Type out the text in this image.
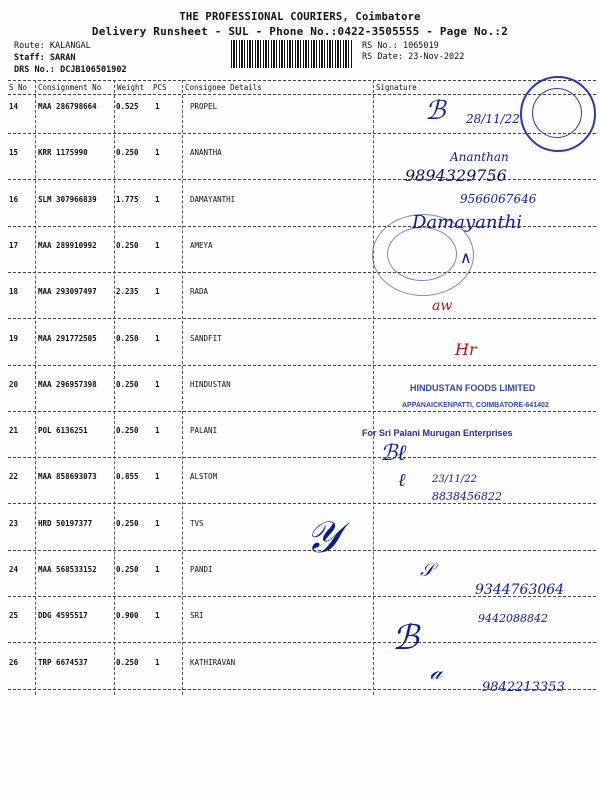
THE PROFESSIONAL COURIERS, Coimbatore
Delivery Runsheet - SUL - Phone No.:0422-3505555 - Page No.:2
Route: KALANGAL
Staff: SARAN
DRS No.: DCJB106501902
RS No.: 1065019
RS Date: 23-Nov-2022
S No Consignment No Weight PCS Consignee Details	Signature
14	MAA 286798664	0.525 1	PROPEL
15	KRR 1175990	0.250 1	ANANTHA
16	SLM 307966839	1.775 1	DAMAYANTHI
17	MAA 289910992	0.250 1	AMEYA
18	MAA 293097497	2.235 1	RADA
19	MAA 291772505	0.250 1	SANDFIT
20	MAA 296957398	0.250 1	HINDUSTAN
21	POL 6136251	0.250 1	PALANI
22	MAA 858693073	0.855 1	ALSTOM
23	HRD 50197377	0.250 1	TVS
24	MAA 568533152	0.250 1	PANDI
25	DDG 4595517	0.900 1	SRI
26	TRP 6674537	0.250 1	KATHIRAVAN
ℬ 28/11/22
Ananthan
9894329756
9566067646
Damayanthi
∧
aw
Hr
HINDUSTAN FOODS LIMITED
APPANAICKENPATTI, COIMBATORE-641402
For Sri Palani Murugan Enterprises
ℬℓ
ℓ	23/11/22
8838456822
𝒴
𝒮
9344763064
9442088842
ℬ
𝒶
9842213353
